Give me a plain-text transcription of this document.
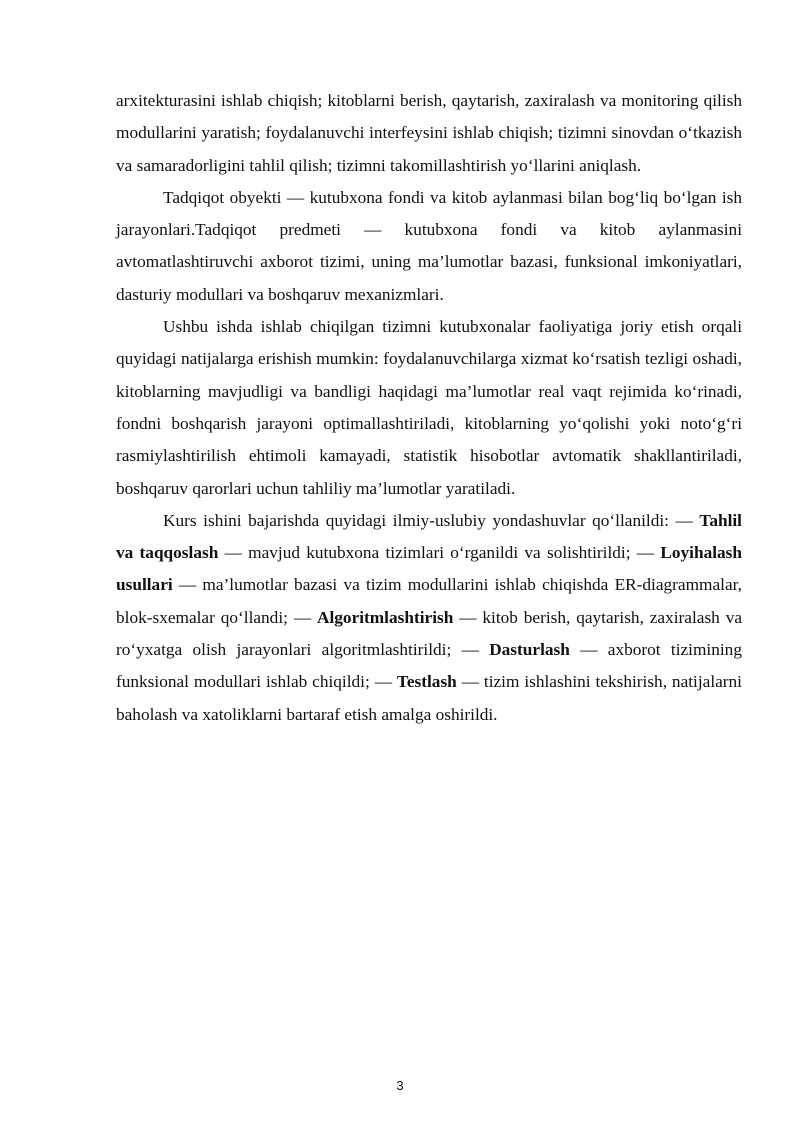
arxitekturasini ishlab chiqish; kitoblarni berish, qaytarish, zaxiralash va monitoring qilish modullarini yaratish; foydalanuvchi interfeysini ishlab chiqish; tizimni sinovdan o‘tkazish va samaradorligini tahlil qilish; tizimni takomillashtirish yo‘llarini aniqlash.

Tadqiqot obyekti — kutubxona fondi va kitob aylanmasi bilan bog‘liq bo‘lgan ish jarayonlari.Tadqiqot predmeti — kutubxona fondi va kitob aylanmasini avtomatlashtiruvchi axborot tizimi, uning ma’lumotlar bazasi, funksional imkoniyatlari, dasturiy modullari va boshqaruv mexanizmlari.

Ushbu ishda ishlab chiqilgan tizimni kutubxonalar faoliyatiga joriy etish orqali quyidagi natijalarga erishish mumkin: foydalanuvchilarga xizmat ko‘rsatish tezligi oshadi, kitoblarning mavjudligi va bandligi haqidagi ma’lumotlar real vaqt rejimida ko‘rinadi, fondni boshqarish jarayoni optimallashtiriladi, kitoblarning yo‘qolishi yoki noto‘g‘ri rasmiylashtirilish ehtimoli kamayadi, statistik hisobotlar avtomatik shakllantiriladi, boshqaruv qarorlari uchun tahliliy ma’lumotlar yaratiladi.

Kurs ishini bajarishda quyidagi ilmiy-uslubiy yondashuvlar qo‘llanildi: — Tahlil va taqqoslash — mavjud kutubxona tizimlari o‘rganildi va solishtirildi; — Loyihalash usullari — ma’lumotlar bazasi va tizim modullarini ishlab chiqishda ER-diagrammalar, blok-sxemalar qo‘llandi; — Algoritmlashtirish — kitob berish, qaytarish, zaxiralash va ro‘yxatga olish jarayonlari algoritmlashtirildi; — Dasturlash — axborot tizimining funksional modullari ishlab chiqildi; — Testlash — tizim ishlashini tekshirish, natijalarni baholash va xatoliklarni bartaraf etish amalga oshirildi.

3
